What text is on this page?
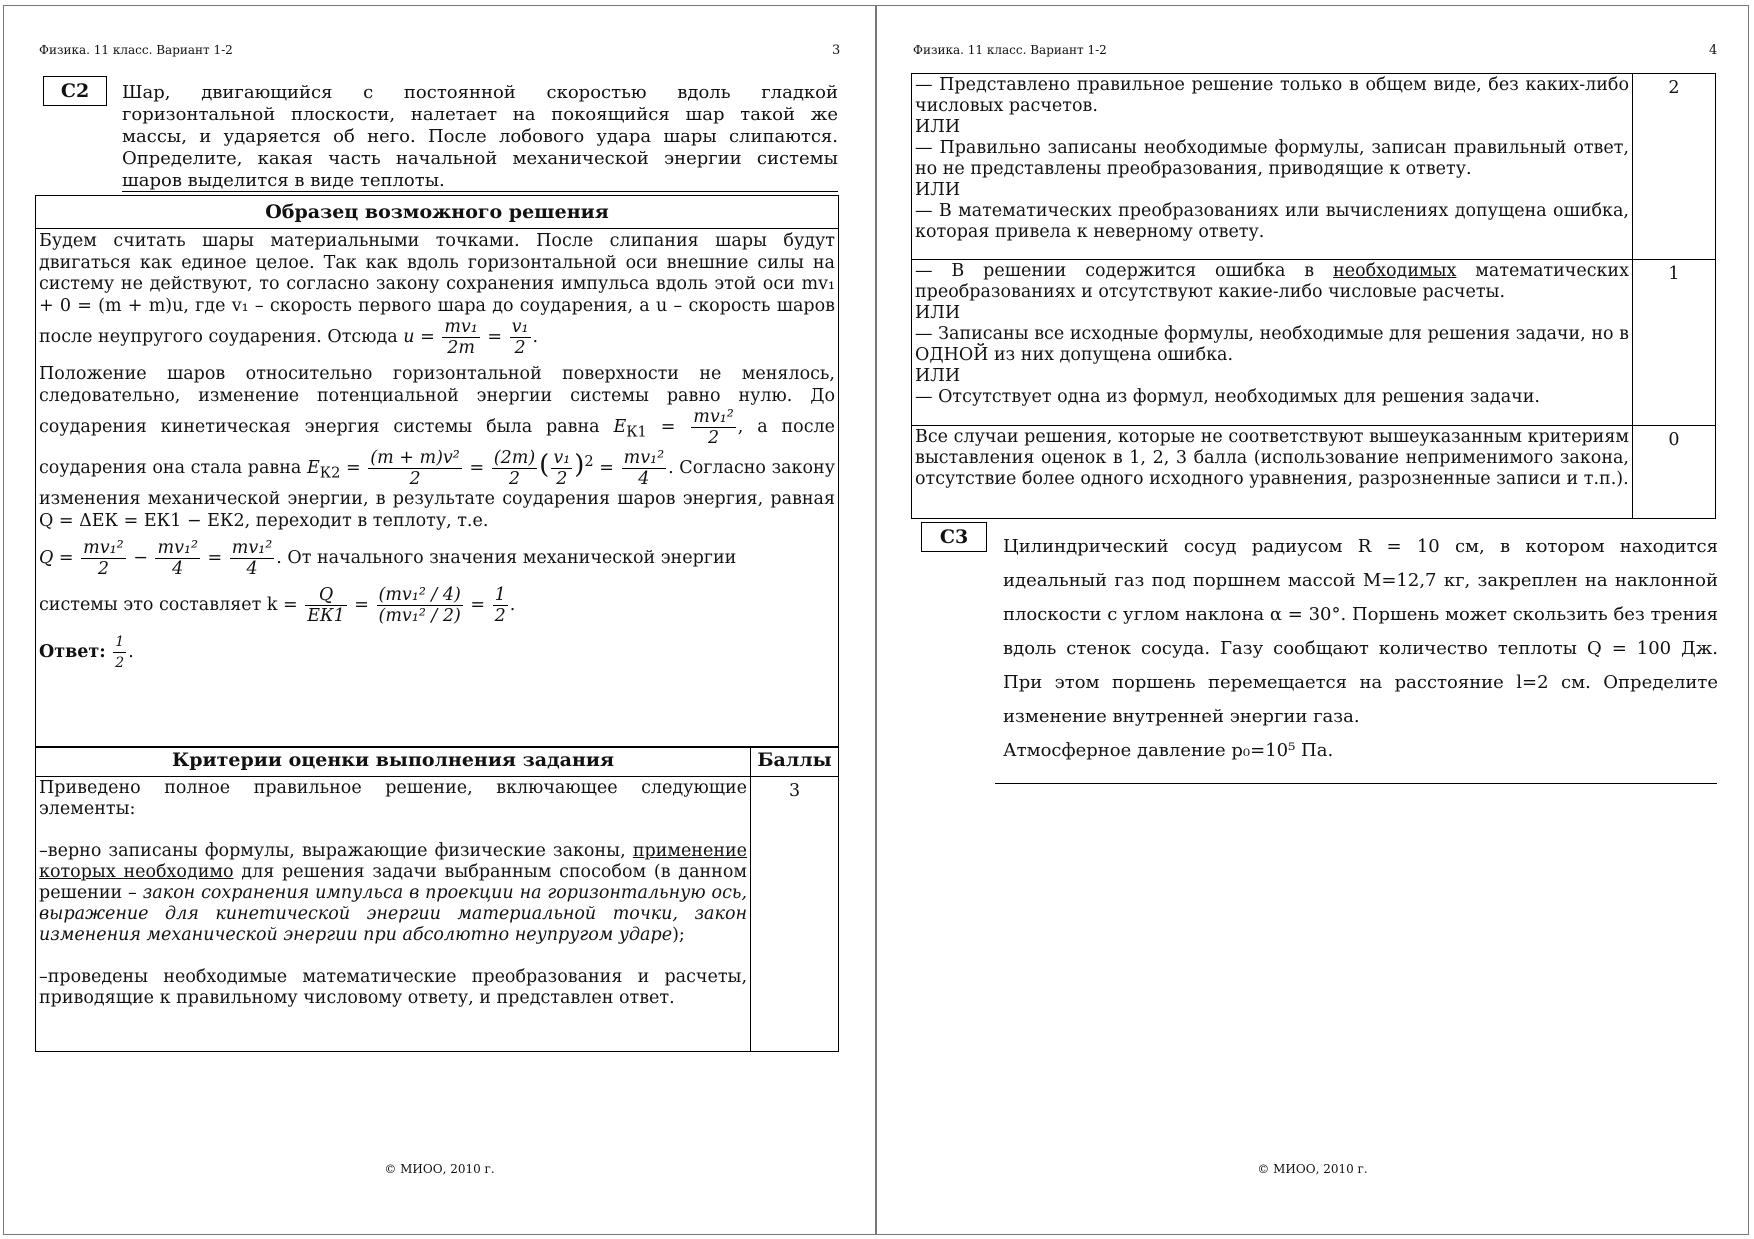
Физика. 11 класс. Вариант 1-2	3
С2	Шар, двигающийся с постоянной скоростью вдоль гладкой горизонтальной плоскости, налетает на покоящийся шар такой же массы, и ударяется об него. После лобового удара шары слипаются. Определите, какая часть начальной механической энергии системы шаров выделится в виде теплоты.
Образец возможного решения

Будем считать шары материальными точками. После слипания шары будут двигаться как единое целое. Так как вдоль горизонтальной оси внешние силы на систему не действуют, то согласно закону сохранения импульса вдоль этой оси mv₁ + 0 = (m + m)u, где v₁ – скорость первого шара до соударения, а u – скорость шаров после неупругого соударения. Отсюда $u = \frac{\text{mv₁}}{2m} = \frac{\text{v₁}}{2}$ .

Положение шаров относительно горизонтальной поверхности не менялось, следовательно, изменение потенциальной энергии системы равно нулю. До соударения кинетическая энергия системы была равна $E_{К1} = \frac{\text{mv₁²}}{2}$ , а после соударения она стала равна $E_{К2} = \frac{\text{(m + m)v²}}{2} = \frac{(2m)}{2}$ ( $\frac{\text{v₁}}{2} )^2 = \frac{\text{mv₁²}}{4}$ . Согласно закону изменения механической энергии, в результате соударения шаров энергия, равная Q = ΔEК = EК1 − EК2, переходит в теплоту, т.е.

$Q = \frac{\text{mv₁²}}{2} - \frac{\text{mv₁²}}{4} = \frac{\text{mv₁²}}{4}$ . От начального значения механической энергии

системы это составляет $k = \frac{Q}{EК1} = \frac{\text{(mv₁² / 4)}}{\text{(mv₁² / 2)}} = \frac{1}{2}$ .

Ответ: $\frac{1}{2}$ .

Критерии оценки выполнения задания	Баллы

Приведено полное правильное решение, включающее следующие элементы:
–верно записаны формулы, выражающие физические законы, применение которых необходимо для решения задачи выбранным способом (в данном решении – закон сохранения импульса в проекции на горизонтальную ось, выражение для кинетической энергии материальной точки, закон изменения механической энергии при абсолютно неупругом ударе);
–проведены необходимые математические преобразования и расчеты, приводящие к правильному числовому ответу, и представлен ответ.	3
© МИОО, 2010 г.
Физика. 11 класс. Вариант 1-2	4
— Представлено правильное решение только в общем виде, без каких-либо числовых расчетов.
ИЛИ
— Правильно записаны необходимые формулы, записан правильный ответ, но не представлены преобразования, приводящие к ответу.
ИЛИ
— В математических преобразованиях или вычислениях допущена ошибка, которая привела к неверному ответу.	2

— В решении содержится ошибка в необходимых математических преобразованиях и отсутствуют какие-либо числовые расчеты.
ИЛИ
— Записаны все исходные формулы, необходимые для решения задачи, но в ОДНОЙ из них допущена ошибка.
ИЛИ
— Отсутствует одна из формул, необходимых для решения задачи.	1

Все случаи решения, которые не соответствуют вышеуказанным критериям выставления оценок в 1, 2, 3 балла (использование неприменимого закона, отсутствие более одного исходного уравнения, разрозненные записи и т.п.).	0
С3	Цилиндрический сосуд радиусом R = 10 см, в котором находится идеальный газ под поршнем массой M=12,7 кг, закреплен на наклонной плоскости с углом наклона α = 30°. Поршень может скользить без трения вдоль стенок сосуда. Газу сообщают количество теплоты Q = 100 Дж. При этом поршень перемещается на расстояние l=2 см. Определите изменение внутренней энергии газа.
Атмосферное давление p₀=10⁵ Па.
© МИОО, 2010 г.
